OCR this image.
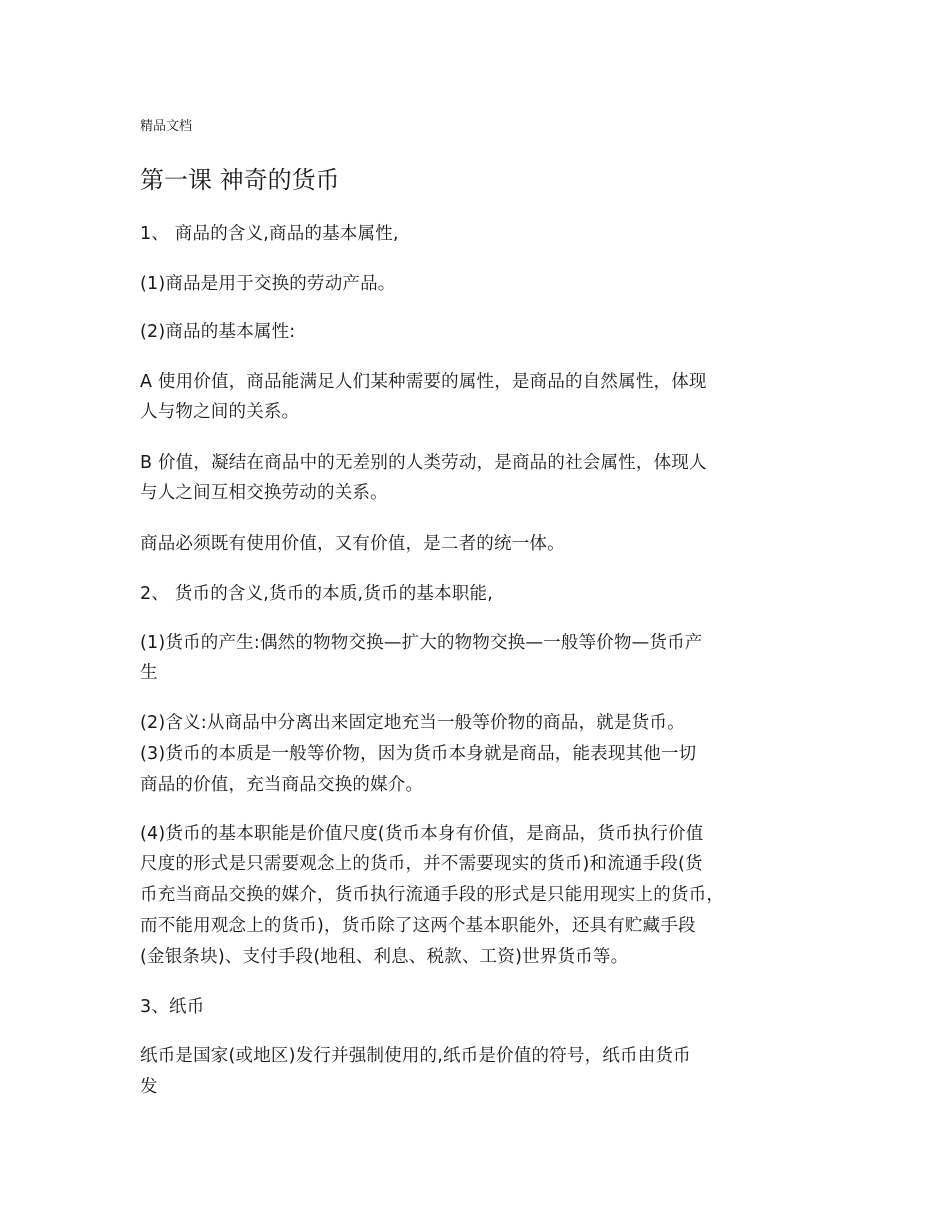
精品文档
第一课 神奇的货币
1、 商品的含义,商品的基本属性,
(1)商品是用于交换的劳动产品。
(2)商品的基本属性:
A 使用价值，商品能满足人们某种需要的属性，是商品的自然属性，体现
人与物之间的关系。
B 价值，凝结在商品中的无差别的人类劳动，是商品的社会属性，体现人
与人之间互相交换劳动的关系。
商品必须既有使用价值，又有价值，是二者的统一体。
2、 货币的含义,货币的本质,货币的基本职能,
(1)货币的产生:偶然的物物交换—扩大的物物交换—一般等价物—货币产
生
(2)含义:从商品中分离出来固定地充当一般等价物的商品，就是货币。
(3)货币的本质是一般等价物，因为货币本身就是商品，能表现其他一切
商品的价值，充当商品交换的媒介。
(4)货币的基本职能是价值尺度(货币本身有价值，是商品，货币执行价值
尺度的形式是只需要观念上的货币，并不需要现实的货币)和流通手段(货
币充当商品交换的媒介，货币执行流通手段的形式是只能用现实上的货币，
而不能用观念上的货币)，货币除了这两个基本职能外，还具有贮藏手段
(金银条块)、支付手段(地租、利息、税款、工资)世界货币等。
3、纸币
纸币是国家(或地区)发行并强制使用的,纸币是价值的符号，纸币由货币
发
